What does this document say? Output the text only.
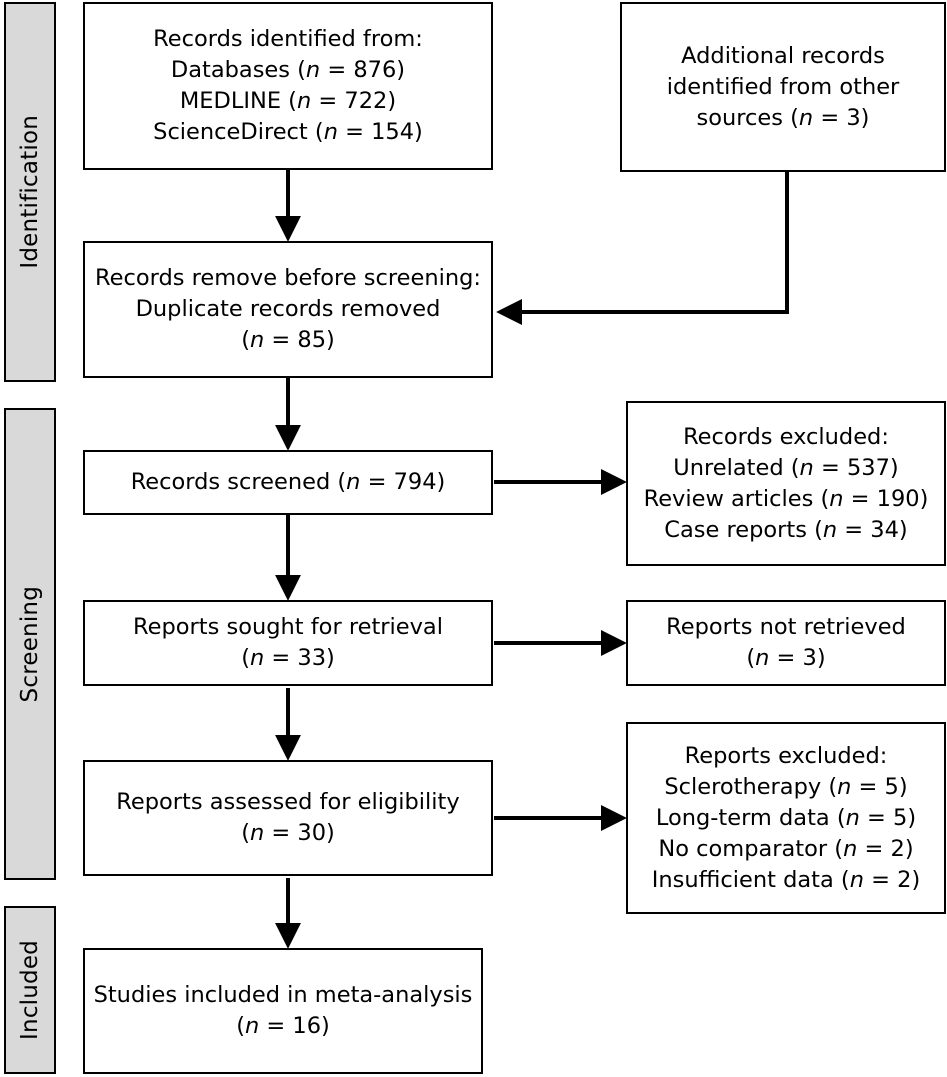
Identification
Screening
Included
Records identified from:
Databases (n = 876)
MEDLINE (n = 722)
ScienceDirect (n = 154)
Additional records
identified from other
sources (n = 3)
Records remove before screening:
Duplicate records removed
(n = 85)
Records screened (n = 794)
Records excluded:
Unrelated (n = 537)
Review articles (n = 190)
Case reports (n = 34)
Reports sought for retrieval
(n = 33)
Reports not retrieved
(n = 3)
Reports assessed for eligibility
(n = 30)
Reports excluded:
Sclerotherapy (n = 5)
Long-term data (n = 5)
No comparator (n = 2)
Insufficient data (n = 2)
Studies included in meta-analysis
(n = 16)
